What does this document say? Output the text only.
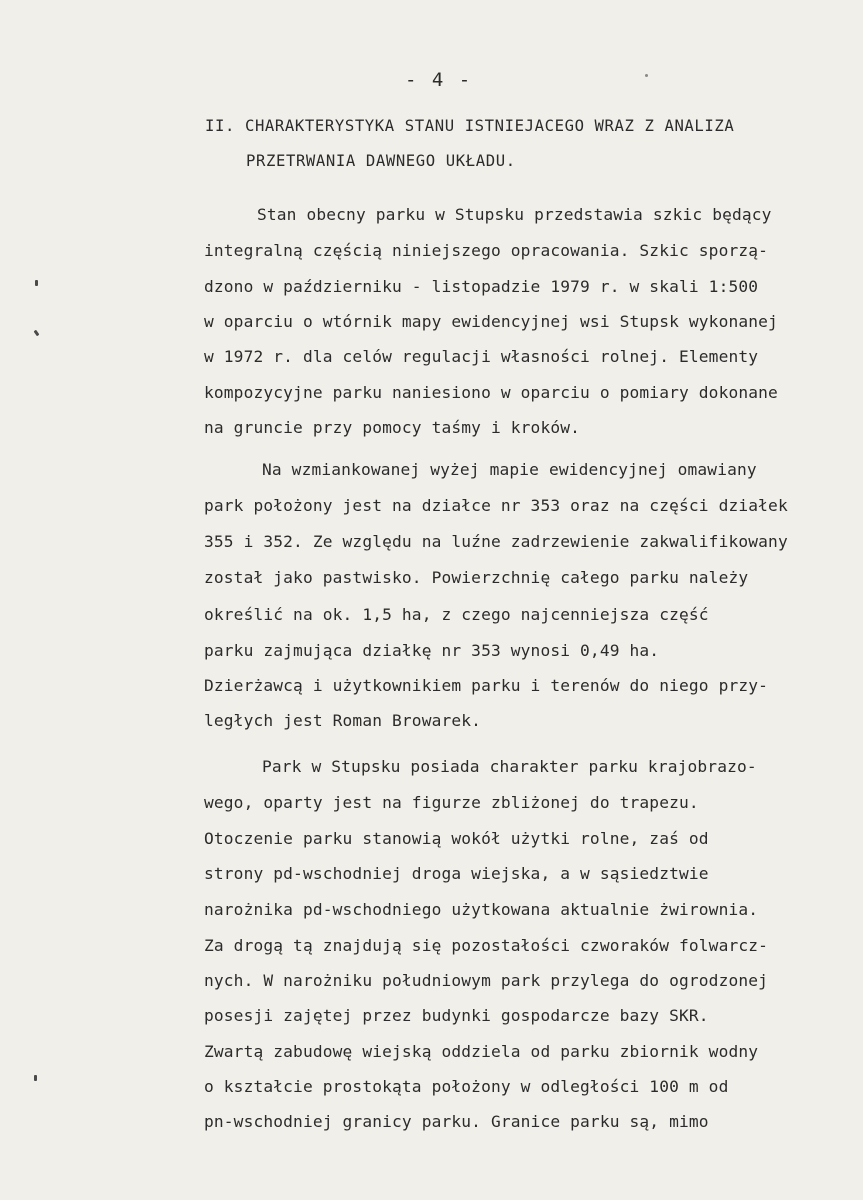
- 4 -
II. CHARAKTERYSTYKA STANU ISTNIEJACEGO WRAZ Z ANALIZA
PRZETRWANIA DAWNEGO UKŁADU.
Stan obecny parku w Stupsku przedstawia szkic będący
integralną częścią niniejszego opracowania. Szkic sporzą-
dzono w październiku - listopadzie 1979 r. w skali 1:500
w oparciu o wtórnik mapy ewidencyjnej wsi Stupsk wykonanej
w 1972 r. dla celów regulacji własności rolnej. Elementy
kompozycyjne parku naniesiono w oparciu o pomiary dokonane
na gruncie przy pomocy taśmy i kroków.
Na wzmiankowanej wyżej mapie ewidencyjnej omawiany
park położony jest na działce nr 353 oraz na części działek
355 i 352. Ze względu na luźne zadrzewienie zakwalifikowany
został jako pastwisko. Powierzchnię całego parku należy
określić na ok. 1,5 ha, z czego najcenniejsza część
parku zajmująca działkę nr 353 wynosi 0,49 ha.
Dzierżawcą i użytkownikiem parku i terenów do niego przy-
ległych jest Roman Browarek.
Park w Stupsku posiada charakter parku krajobrazo-
wego, oparty jest na figurze zbliżonej do trapezu.
Otoczenie parku stanowią wokół użytki rolne, zaś od
strony pd-wschodniej droga wiejska, a w sąsiedztwie
narożnika pd-wschodniego użytkowana aktualnie żwirownia.
Za drogą tą znajdują się pozostałości czworaków folwarcz-
nych. W narożniku południowym park przylega do ogrodzonej
posesji zajętej przez budynki gospodarcze bazy SKR.
Zwartą zabudowę wiejską oddziela od parku zbiornik wodny
o kształcie prostokąta położony w odległości 100 m od
pn-wschodniej granicy parku. Granice parku są, mimo
